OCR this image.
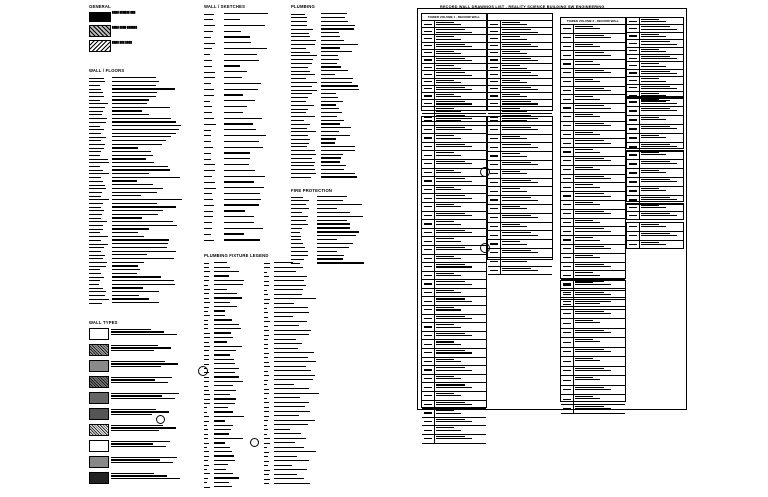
GENERAL
████ ██████ ███
████ ████ ██████
████ ███ ████
WALL / FLOORS
WALL TYPES
WALL / SKETCHES
PLUMBING FIXTURE LEGEND
PLUMBING
FIRE PROTECTION
RECORD WALL DRAWINGS LIST - REALITY SCIENCE BUILDING SW ENGINEERING
TOWER VOLUME 1 - RECORD WALL

TOWER VOLUME 2 - RECORD WALL
